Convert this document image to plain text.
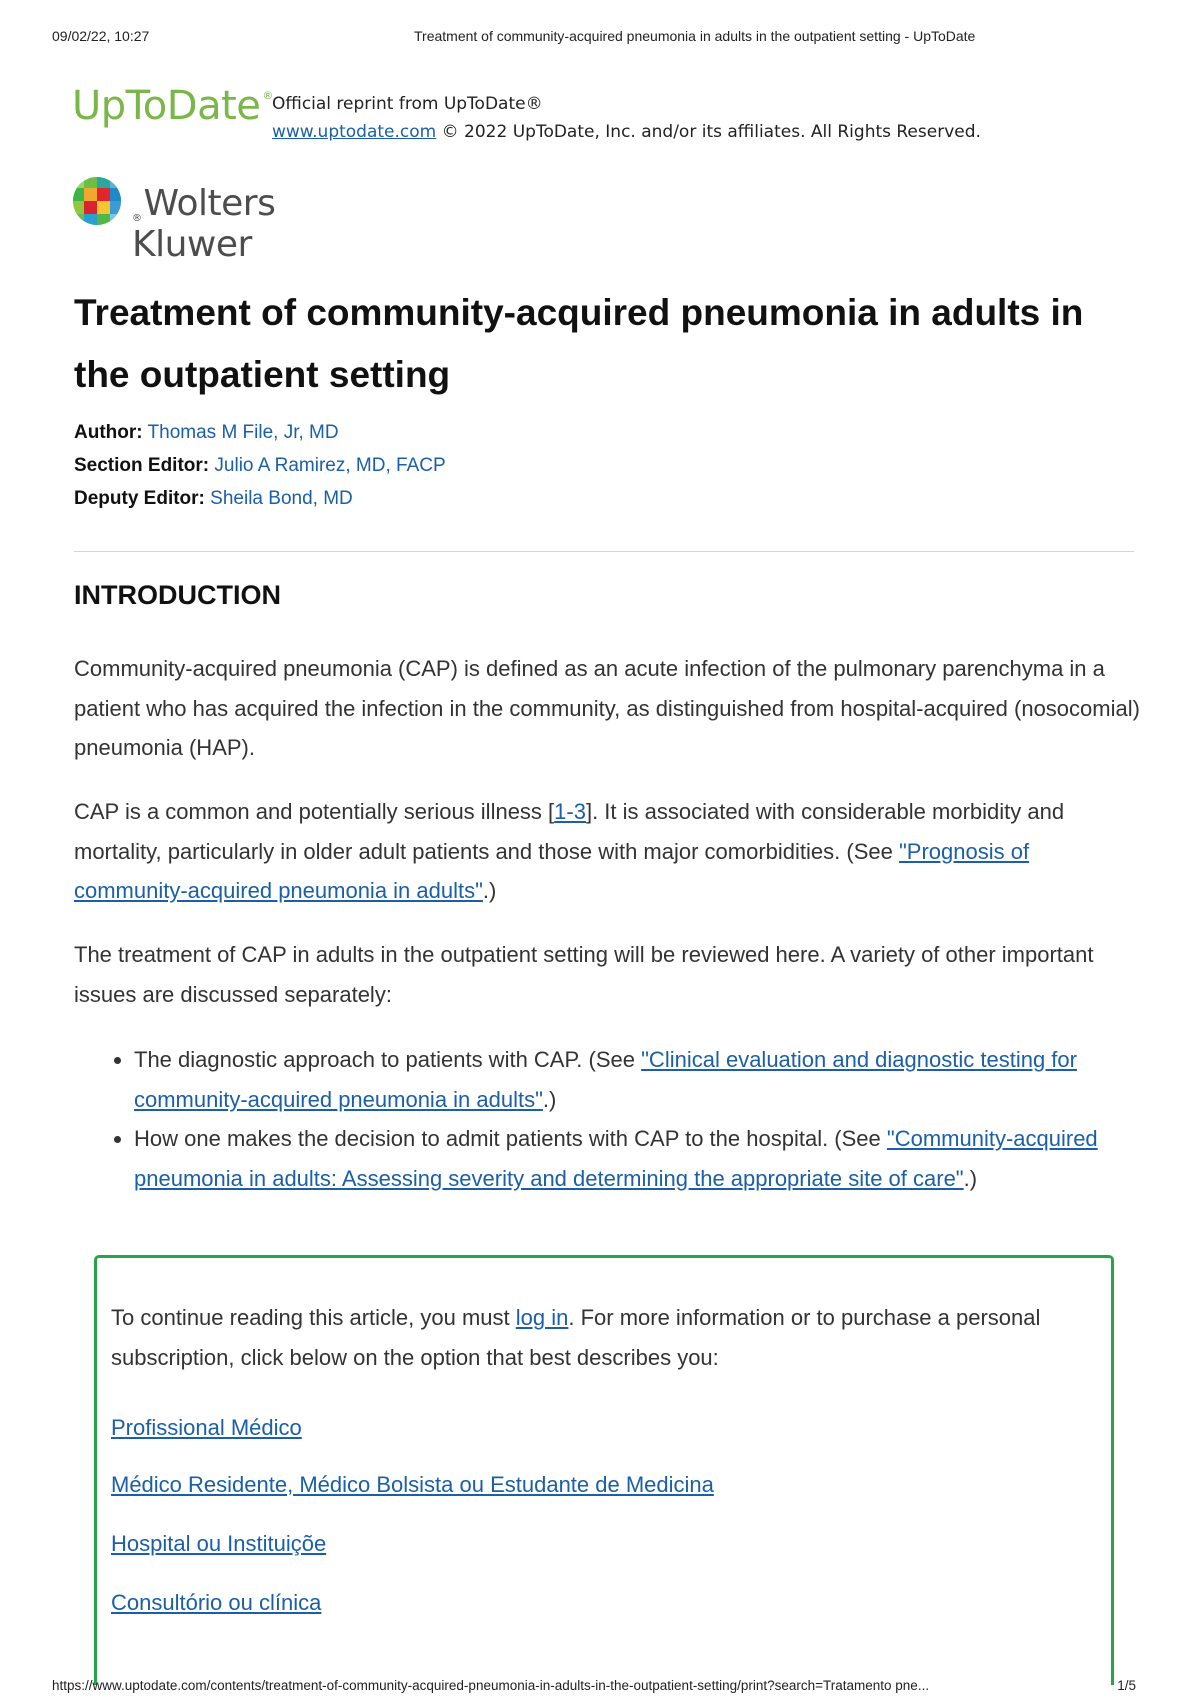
09/02/22, 10:27	Treatment of community-acquired pneumonia in adults in the outpatient setting - UpToDate
UpToDate ® Official reprint from UpToDate®
www.uptodate.com © 2022 UpToDate, Inc. and/or its affiliates. All Rights Reserved.
®Wolters Kluwer
Treatment of community-acquired pneumonia in adults in the outpatient setting
Author: Thomas M File, Jr, MD
Section Editor: Julio A Ramirez, MD, FACP
Deputy Editor: Sheila Bond, MD
INTRODUCTION

Community-acquired pneumonia (CAP) is defined as an acute infection of the pulmonary parenchyma in a patient who has acquired the infection in the community, as distinguished from hospital-acquired (nosocomial) pneumonia (HAP).

CAP is a common and potentially serious illness [1-3]. It is associated with considerable morbidity and mortality, particularly in older adult patients and those with major comorbidities. (See "Prognosis of community-acquired pneumonia in adults".)

The treatment of CAP in adults in the outpatient setting will be reviewed here. A variety of other important issues are discussed separately:

• The diagnostic approach to patients with CAP. (See "Clinical evaluation and diagnostic testing for community-acquired pneumonia in adults".)
• How one makes the decision to admit patients with CAP to the hospital. (See "Community-acquired pneumonia in adults: Assessing severity and determining the appropriate site of care".)

To continue reading this article, you must log in. For more information or to purchase a personal subscription, click below on the option that best describes you:

Profissional Médico
Médico Residente, Médico Bolsista ou Estudante de Medicina
Hospital ou Instituiçõe
Consultório ou clínica
https://www.uptodate.com/contents/treatment-of-community-acquired-pneumonia-in-adults-in-the-outpatient-setting/print?search=Tratamento pne...	1/5
